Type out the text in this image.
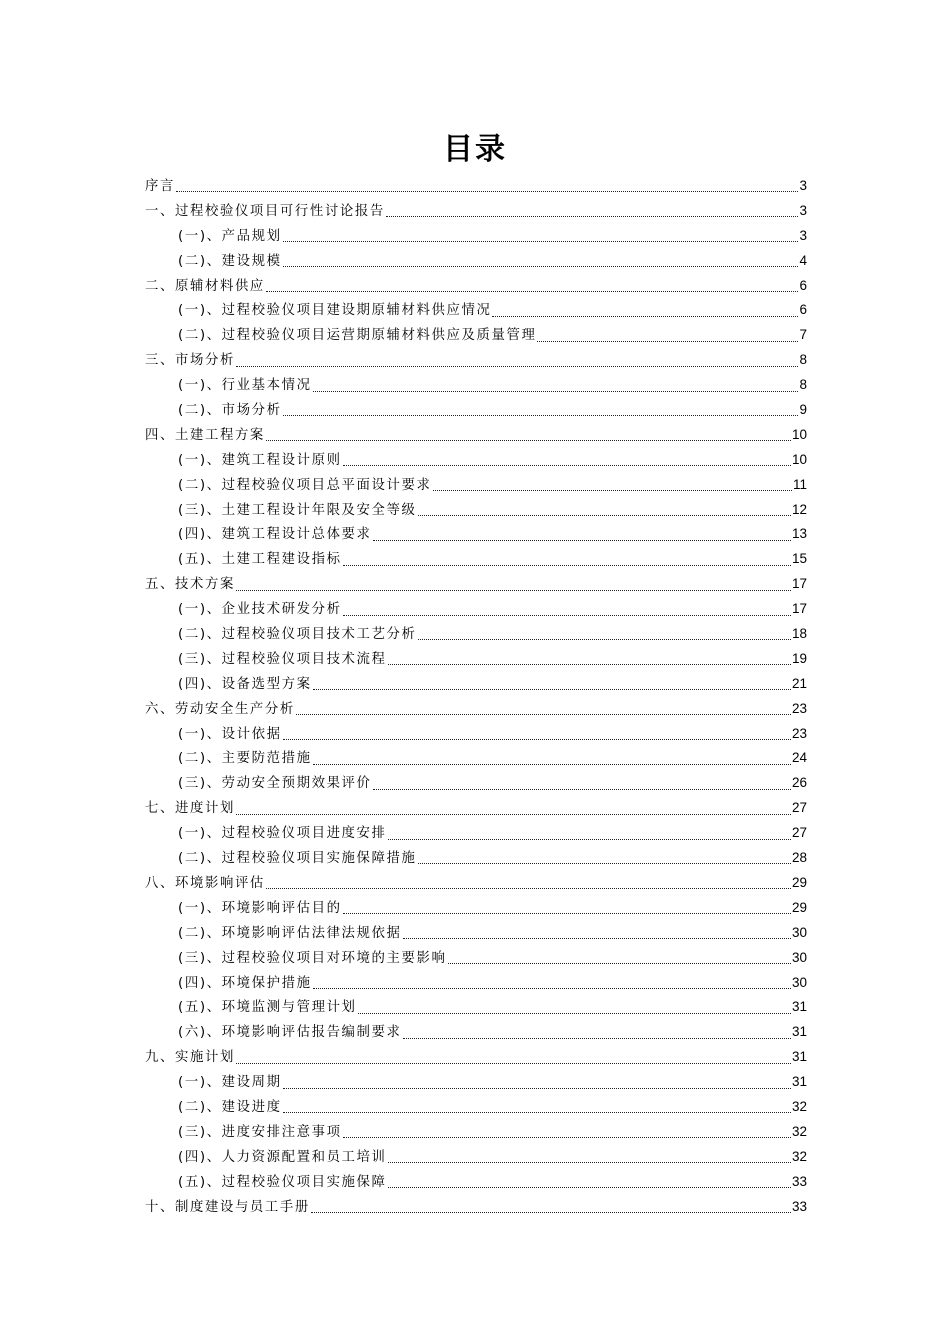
目录
序言	3
一、过程校验仪项目可行性讨论报告	3
(一)、产品规划	3
(二)、建设规模	4
二、原辅材料供应	6
(一)、过程校验仪项目建设期原辅材料供应情况	6
(二)、过程校验仪项目运营期原辅材料供应及质量管理	7
三、市场分析	8
(一)、行业基本情况	8
(二)、市场分析	9
四、土建工程方案	10
(一)、建筑工程设计原则	10
(二)、过程校验仪项目总平面设计要求	11
(三)、土建工程设计年限及安全等级	12
(四)、建筑工程设计总体要求	13
(五)、土建工程建设指标	15
五、技术方案	17
(一)、企业技术研发分析	17
(二)、过程校验仪项目技术工艺分析	18
(三)、过程校验仪项目技术流程	19
(四)、设备选型方案	21
六、劳动安全生产分析	23
(一)、设计依据	23
(二)、主要防范措施	24
(三)、劳动安全预期效果评价	26
七、进度计划	27
(一)、过程校验仪项目进度安排	27
(二)、过程校验仪项目实施保障措施	28
八、环境影响评估	29
(一)、环境影响评估目的	29
(二)、环境影响评估法律法规依据	30
(三)、过程校验仪项目对环境的主要影响	30
(四)、环境保护措施	30
(五)、环境监测与管理计划	31
(六)、环境影响评估报告编制要求	31
九、实施计划	31
(一)、建设周期	31
(二)、建设进度	32
(三)、进度安排注意事项	32
(四)、人力资源配置和员工培训	32
(五)、过程校验仪项目实施保障	33
十、制度建设与员工手册	33
